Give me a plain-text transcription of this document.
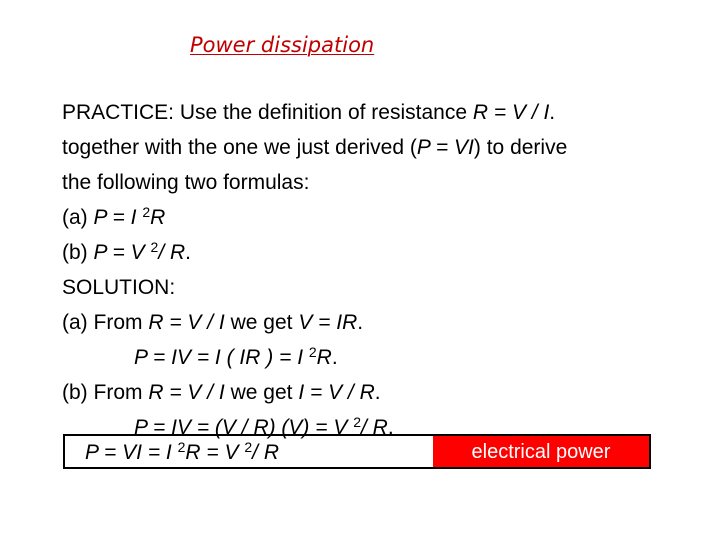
Power dissipation
PRACTICE: Use the definition of resistance R = V / I.
together with the one we just derived (P = VI) to derive
the following two formulas:
(a) P = I $^2$R
(b) P = V $^2$/ R.
SOLUTION:
(a) From R = V / I we get V = IR.
P = IV = I ( IR ) = I $^2$R.
(b) From R = V / I we get I = V / R.
P = IV = (V / R) (V) = V $^2$/ R.
P = VI = I $^2$R = V $^2$/ R	electrical power
